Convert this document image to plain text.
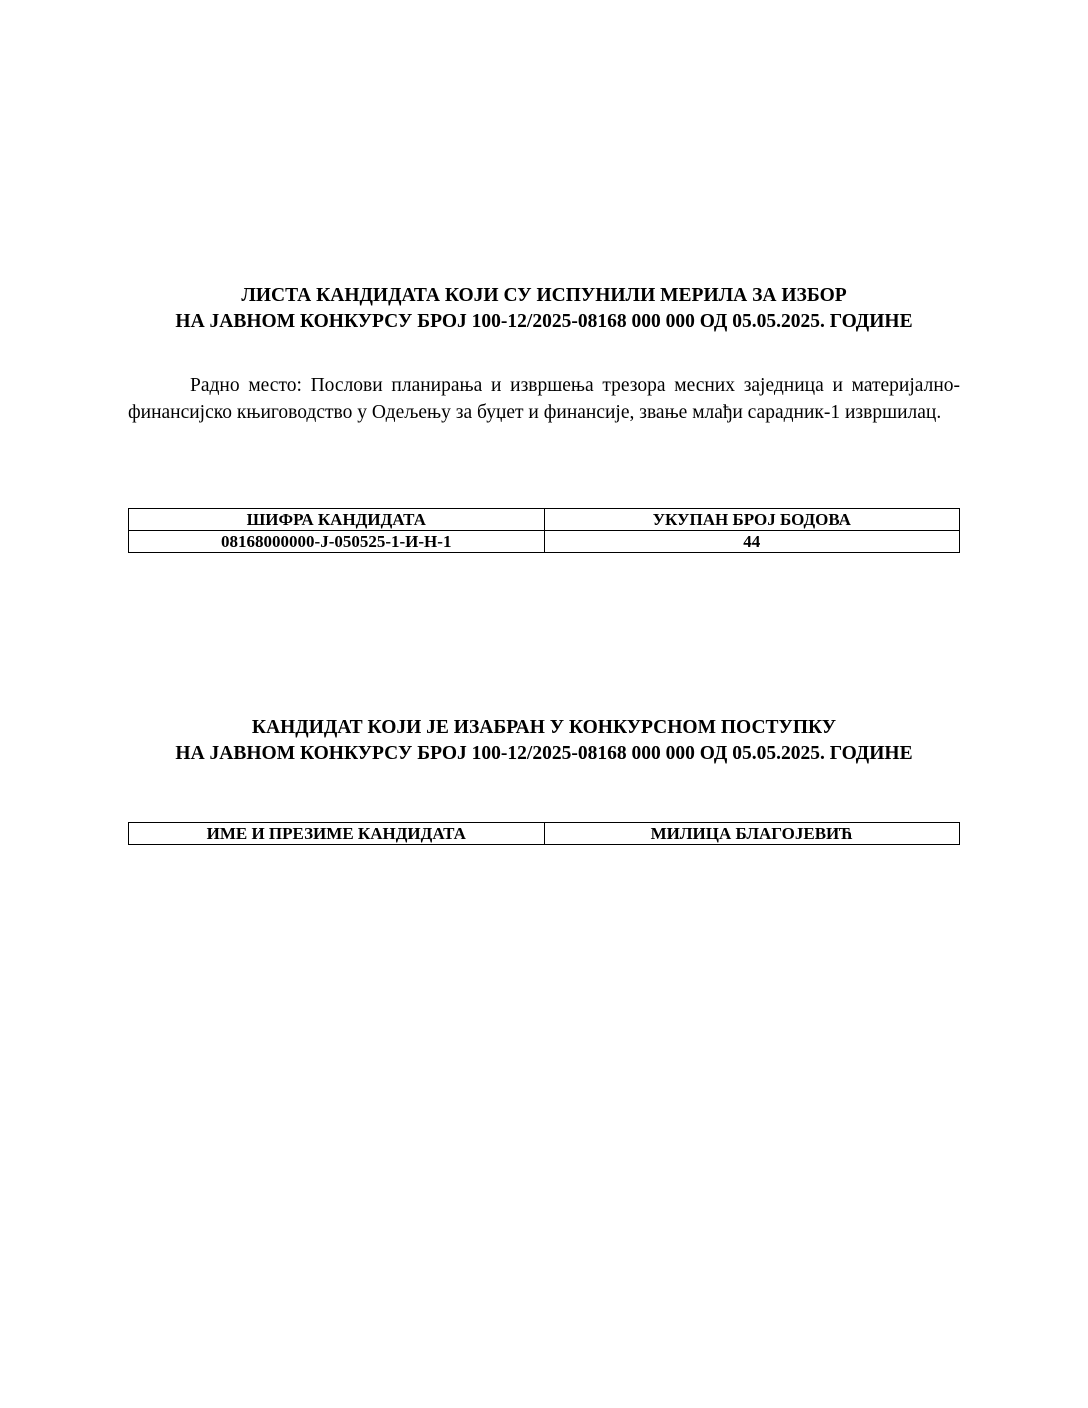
ЛИСТА КАНДИДАТА КОЈИ СУ ИСПУНИЛИ МЕРИЛА ЗА ИЗБОР
НА ЈАВНОМ КОНКУРСУ БРОЈ 100-12/2025-08168 000 000 ОД 05.05.2025. ГОДИНЕ
Радно место: Послови планирања и извршења трезора месних заједница и материјално-финансијско књиговодство у Одељењу за буџет и финансије, звање млађи сарадник-1 извршилац.
ШИФРА КАНДИДАТА	УКУПАН БРОЈ БОДОВА
08168000000-Ј-050525-1-И-Н-1	44
КАНДИДАТ КОЈИ ЈЕ ИЗАБРАН У КОНКУРСНОМ ПОСТУПКУ
НА ЈАВНОМ КОНКУРСУ БРОЈ 100-12/2025-08168 000 000 ОД 05.05.2025. ГОДИНЕ
ИМЕ И ПРЕЗИМЕ КАНДИДАТА	МИЛИЦА БЛАГОЈЕВИЋ
